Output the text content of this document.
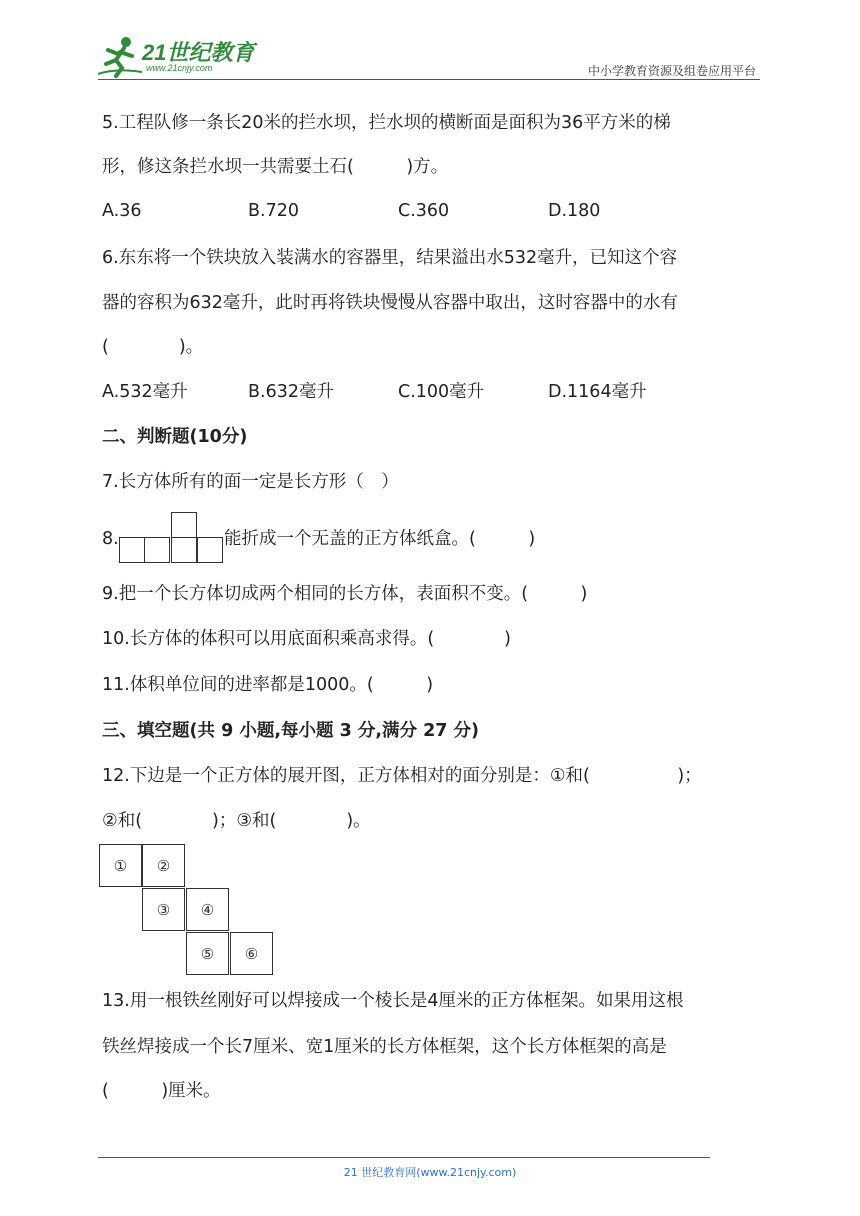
21世纪教育
www.21cnjy.com	中小学教育资源及组卷应用平台
5.工程队修一条长20米的拦水坝，拦水坝的横断面是面积为36平方米的梯
形，修这条拦水坝一共需要土石(　　　)方。
A.36	B.720	C.360	D.180
6.东东将一个铁块放入装满水的容器里，结果溢出水532毫升，已知这个容
器的容积为632毫升，此时再将铁块慢慢从容器中取出，这时容器中的水有
(　　　　)。
A.532毫升	B.632毫升	C.100毫升	D.1164毫升
二、判断题(10分)
7.长方体所有的面一定是长方形（　）
8.	能折成一个无盖的正方体纸盒。(　　　)
9.把一个长方体切成两个相同的长方体，表面积不变。(　　　)
10.长方体的体积可以用底面积乘高求得。(　　　　)
11.体积单位间的进率都是1000。(　　　)
三、填空题(共 9 小题,每小题 3 分,满分 27 分)
12.下边是一个正方体的展开图，正方体相对的面分别是：①和(　　　　　)；
②和(　　　　)；③和(　　　　)。
①	②
③	④
⑤	⑥
13.用一根铁丝刚好可以焊接成一个棱长是4厘米的正方体框架。如果用这根
铁丝焊接成一个长7厘米、宽1厘米的长方体框架，这个长方体框架的高是
(　　　)厘米。
21 世纪教育网(www.21cnjy.com)
